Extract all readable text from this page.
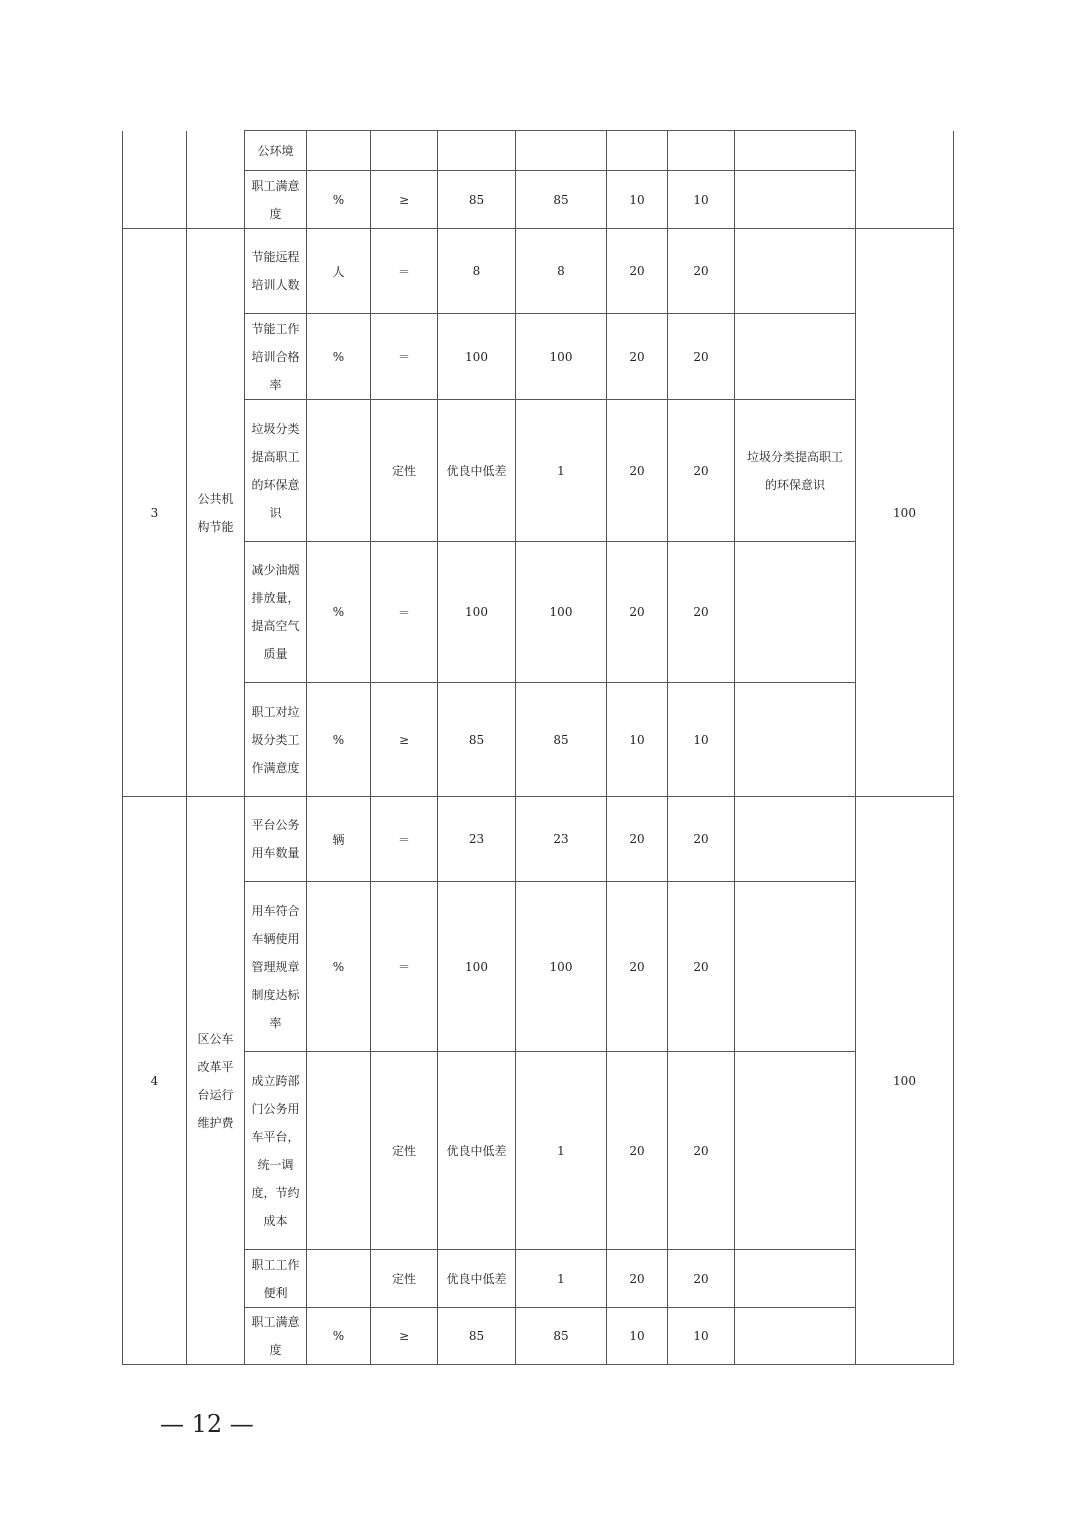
		公环境								
		职工满意度	%	≥	85	85	10	10		
3	公共机构节能	节能远程培训人数	人	＝	8	8	20	20		100
		节能工作培训合格率	%	＝	100	100	20	20		
		垃圾分类提高职工的环保意识		定性	优良中低差	1	20	20	垃圾分类提高职工的环保意识	
		减少油烟排放量，提高空气质量	%	＝	100	100	20	20		
		职工对垃圾分类工作满意度	%	≥	85	85	10	10		
4	区公车改革平台运行维护费	平台公务用车数量	辆	＝	23	23	20	20		100
		用车符合车辆使用管理规章制度达标率	%	＝	100	100	20	20		
		成立跨部门公务用车平台，统一调度，节约成本		定性	优良中低差	1	20	20		
		职工工作便利		定性	优良中低差	1	20	20		
		职工满意度	%	≥	85	85	10	10		
— 12 —
